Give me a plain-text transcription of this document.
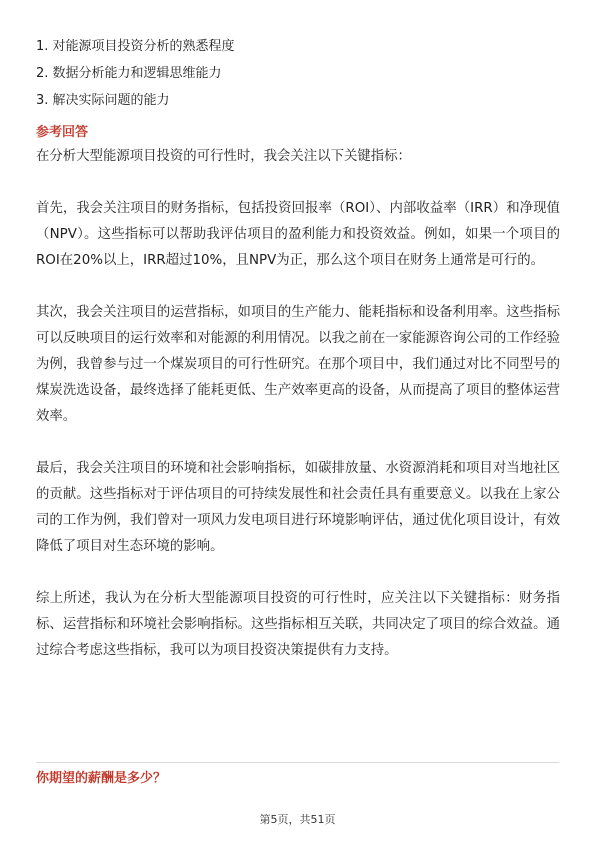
1. 对能源项目投资分析的熟悉程度
2. 数据分析能力和逻辑思维能力
3. 解决实际问题的能力
参考回答

在分析大型能源项目投资的可行性时，我会关注以下关键指标：

首先，我会关注项目的财务指标，包括投资回报率（ROI）、内部收益率（IRR）和净现值（NPV）。这些指标可以帮助我评估项目的盈利能力和投资效益。例如，如果一个项目的ROI在20%以上，IRR超过10%，且NPV为正，那么这个项目在财务上通常是可行的。

其次，我会关注项目的运营指标，如项目的生产能力、能耗指标和设备利用率。这些指标可以反映项目的运行效率和对能源的利用情况。以我之前在一家能源咨询公司的工作经验为例，我曾参与过一个煤炭项目的可行性研究。在那个项目中，我们通过对比不同型号的煤炭洗选设备，最终选择了能耗更低、生产效率更高的设备，从而提高了项目的整体运营效率。

最后，我会关注项目的环境和社会影响指标，如碳排放量、水资源消耗和项目对当地社区的贡献。这些指标对于评估项目的可持续发展性和社会责任具有重要意义。以我在上家公司的工作为例，我们曾对一项风力发电项目进行环境影响评估，通过优化项目设计，有效降低了项目对生态环境的影响。

综上所述，我认为在分析大型能源项目投资的可行性时，应关注以下关键指标：财务指标、运营指标和环境社会影响指标。这些指标相互关联，共同决定了项目的综合效益。通过综合考虑这些指标，我可以为项目投资决策提供有力支持。

你期望的薪酬是多少？
第5页，共51页
